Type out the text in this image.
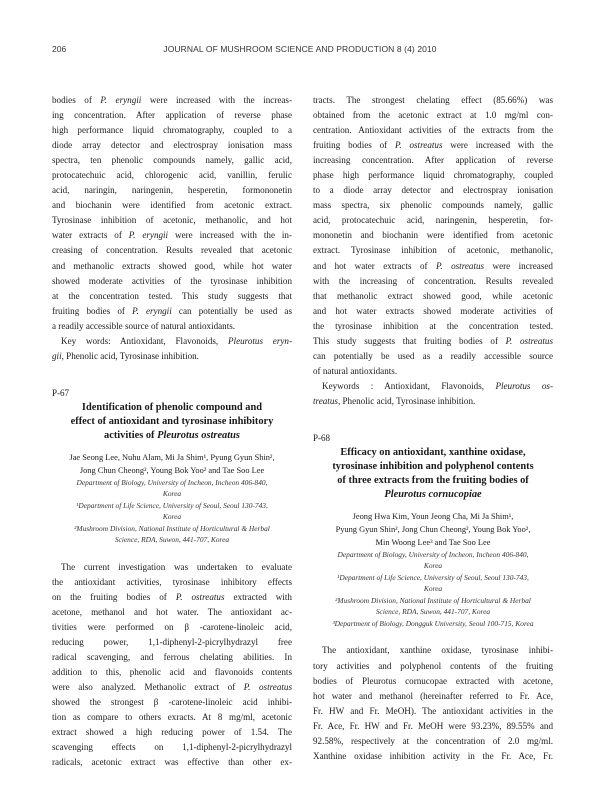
206	JOURNAL OF MUSHROOM SCIENCE AND PRODUCTION 8 (4) 2010
bodies of P. eryngii were increased with the increas-
ing concentration. After application of reverse phase
high performance liquid chromatography, coupled to a
diode array detector and electrospray ionisation mass
spectra, ten phenolic compounds namely, gallic acid,
protocatechuic acid, chlorogenic acid, vanillin, ferulic
acid, naringin, naringenin, hesperetin, formononetin
and biochanin were identified from acetonic extract.
Tyrosinase inhibition of acetonic, methanolic, and hot
water extracts of P. eryngii were increased with the in-
creasing of concentration. Results revealed that acetonic
and methanolic extracts showed good, while hot water
showed moderate activities of the tyrosinase inhibition
at the concentration tested. This study suggests that
fruiting bodies of P. eryngii can potentially be used as
a readily accessible source of natural antioxidants.
Key words: Antioxidant, Flavonoids, Pleurotus eryn-
gii, Phenolic acid, Tyrosinase inhibition.
P-67
Identification of phenolic compound and
effect of antioxidant and tyrosinase inhibitory
activities of Pleurotus ostreatus
Jae Seong Lee, Nuhu Alam, Mi Ja Shim¹, Pyung Gyun Shin²,
Jong Chun Cheong², Young Bok Yoo² and Tae Soo Lee
Department of Biology, University of Incheon, Incheon 406-840,
Korea
¹Department of Life Science, University of Seoul, Seoul 130-743,
Korea
²Mushroom Division, National Institute of Horticultural & Herbal
Science, RDA, Suwon, 441-707, Korea
The current investigation was undertaken to evaluate
the antioxidant activities, tyrosinase inhibitory effects
on the fruiting bodies of P. ostreatus extracted with
acetone, methanol and hot water. The antioxidant ac-
tivities were performed on β -carotene-linoleic acid,
reducing power, 1,1-diphenyl-2-picrylhydrazyl free
radical scavenging, and ferrous chelating abilities. In
addition to this, phenolic acid and flavonoids contents
were also analyzed. Methanolic extract of P. ostreatus
showed the strongest β -carotene-linoleic acid inhibi-
tion as compare to others exracts. At 8 mg/ml, acetonic
extract showed a high reducing power of 1.54. The
scavenging effects on 1,1-diphenyl-2-picrylhydrazyl
radicals, acetonic extract was effective than other ex-
tracts. The strongest chelating effect (85.66%) was
obtained from the acetonic extract at 1.0 mg/ml con-
centration. Antioxidant activities of the extracts from the
fruiting bodies of P. ostreatus were increased with the
increasing concentration. After application of reverse
phase high performance liquid chromatography, coupled
to a diode array detector and electrospray ionisation
mass spectra, six phenolic compounds namely, gallic
acid, protocatechuic acid, naringenin, hesperetin, for-
mononetin and biochanin were identified from acetonic
extract. Tyrosinase inhibition of acetonic, methanolic,
and hot water extracts of P. ostreatus were increased
with the increasing of concentration. Results revealed
that methanolic extract showed good, while acetonic
and hot water extracts showed moderate activities of
the tyrosinase inhibition at the concentration tested.
This study suggests that fruiting bodies of P. ostreatus
can potentially be used as a readily accessible source
of natural antioxidants.
Keywords : Antioxidant, Flavonoids, Pleurotus os-
treatus, Phenolic acid, Tyrosinase inhibition.
P-68
Efficacy on antioxidant, xanthine oxidase,
tyrosinase inhibition and polyphenol contents
of three extracts from the fruiting bodies of
Pleurotus cornucopiae
Jeong Hwa Kim, Youn Jeong Cha, Mi Ja Shim¹,
Pyung Gyun Shin², Jong Chun Cheong², Young Bok Yoo²,
Min Woong Lee³ and Tae Soo Lee
Department of Biology, University of Incheon, Incheon 406-840,
Korea
¹Department of Life Science, University of Seoul, Seoul 130-743,
Korea
²Mushroom Division, National Institute of Horticultural & Herbal
Science, RDA, Suwon, 441-707, Korea
³Department of Biology, Dongguk University, Seoul 100-715, Korea
The antioxidant, xanthine oxidase, tyrosinase inhibi-
tory activities and polyphenol contents of the fruiting
bodies of Pleurotus cornucopae extracted with acetone,
hot water and methanol (hereinafter referred to Fr. Ace,
Fr. HW and Fr. MeOH). The antioxidant activities in the
Fr. Ace, Fr. HW and Fr. MeOH were 93.23%, 89.55% and
92.58%, respectively at the concentration of 2.0 mg/ml.
Xanthine oxidase inhibition activity in the Fr. Ace, Fr.
